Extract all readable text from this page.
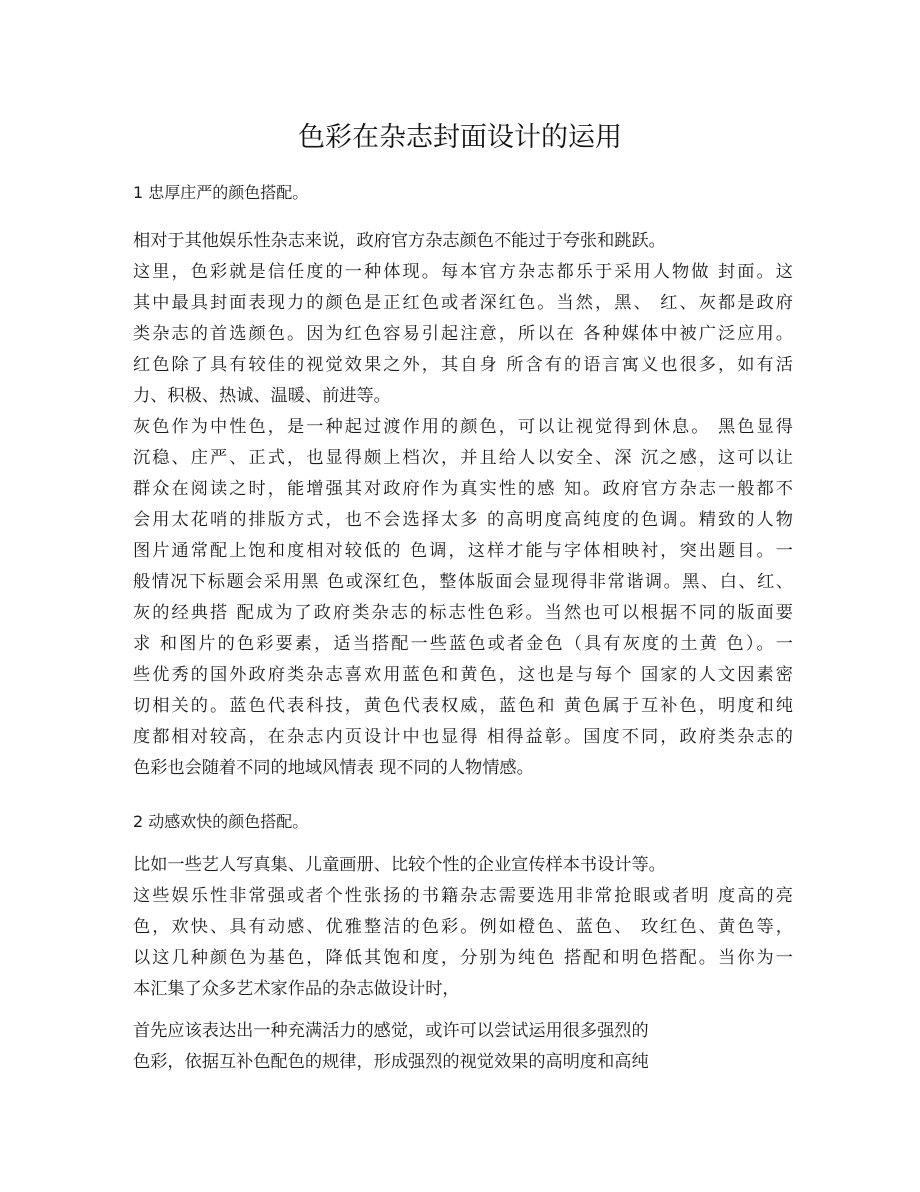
色彩在杂志封面设计的运用
1 忠厚庄严的颜色搭配。
相对于其他娱乐性杂志来说，政府官方杂志颜色不能过于夸张和跳跃。
这里，色彩就是信任度的一种体现。每本官方杂志都乐于采用人物做 封面。这
其中最具封面表现力的颜色是正红色或者深红色。当然，黑、 红、灰都是政府
类杂志的首选颜色。因为红色容易引起注意，所以在 各种媒体中被广泛应用。
红色除了具有较佳的视觉效果之外，其自身 所含有的语言寓义也很多，如有活
力、积极、热诚、温暖、前进等。
灰色作为中性色，是一种起过渡作用的颜色，可以让视觉得到休息。 黑色显得
沉稳、庄严、正式，也显得颇上档次，并且给人以安全、深 沉之感，这可以让
群众在阅读之时，能增强其对政府作为真实性的感 知。政府官方杂志一般都不
会用太花哨的排版方式，也不会选择太多 的高明度高纯度的色调。精致的人物
图片通常配上饱和度相对较低的 色调，这样才能与字体相映衬，突出题目。一
般情况下标题会采用黑 色或深红色，整体版面会显现得非常谐调。黑、白、红、
灰的经典搭 配成为了政府类杂志的标志性色彩。当然也可以根据不同的版面要
求 和图片的色彩要素，适当搭配一些蓝色或者金色（具有灰度的土黄 色）。一
些优秀的国外政府类杂志喜欢用蓝色和黄色，这也是与每个 国家的人文因素密
切相关的。蓝色代表科技，黄色代表权威，蓝色和 黄色属于互补色，明度和纯
度都相对较高，在杂志内页设计中也显得 相得益彰。国度不同，政府类杂志的
色彩也会随着不同的地域风情表 现不同的人物情感。
2 动感欢快的颜色搭配。
比如一些艺人写真集、儿童画册、比较个性的企业宣传样本书设计等。
这些娱乐性非常强或者个性张扬的书籍杂志需要选用非常抢眼或者明 度高的亮
色，欢快、具有动感、优雅整洁的色彩。例如橙色、蓝色、 玫红色、黄色等，
以这几种颜色为基色，降低其饱和度，分别为纯色 搭配和明色搭配。当你为一
本汇集了众多艺术家作品的杂志做设计时，
首先应该表达出一种充满活力的感觉，或许可以尝试运用很多强烈的
色彩，依据互补色配色的规律，形成强烈的视觉效果的高明度和高纯
